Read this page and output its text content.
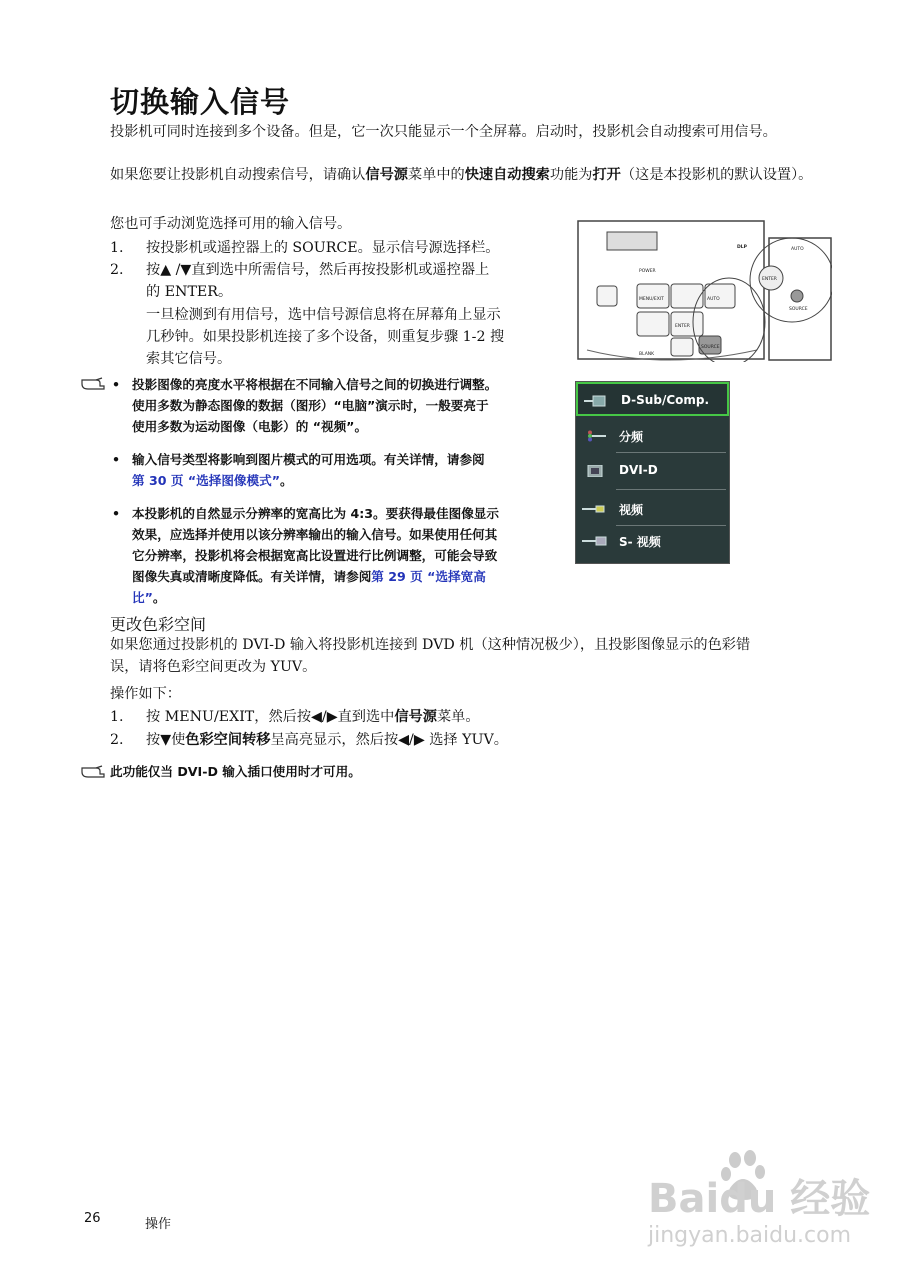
切换输入信号
投影机可同时连接到多个设备。但是，它一次只能显示一个全屏幕。启动时，投影机会自动搜索可用信号。
如果您要让投影机自动搜索信号，请确认信号源菜单中的快速自动搜索功能为打开（这是本投影机的默认设置）。
您也可手动浏览选择可用的输入信号。
1.	按投影机或遥控器上的 SOURCE。显示信号源选择栏。
2.	按▲ /▼直到选中所需信号，然后再按投影机或遥控器上
的 ENTER。
一旦检测到有用信号，选中信号源信息将在屏幕角上显示
几秒钟。如果投影机连接了多个设备，则重复步骤 1-2 搜
索其它信号。
POWER
MENU/EXIT	AUTO
ENTER
BLANK
SOURCE
ENTER
SOURCE
AUTO
DLP
• 投影图像的亮度水平将根据在不同输入信号之间的切换进行调整。
使用多数为静态图像的数据（图形）“电脑”演示时，一般要亮于
使用多数为运动图像（电影）的 “视频”。
• 输入信号类型将影响到图片模式的可用选项。有关详情，请参阅
第 30 页 “选择图像模式”。
• 本投影机的自然显示分辨率的宽高比为 4:3。要获得最佳图像显示
效果，应选择并使用以该分辨率输出的输入信号。如果使用任何其
它分辨率，投影机将会根据宽高比设置进行比例调整，可能会导致
图像失真或清晰度降低。有关详情，请参阅第 29 页 “选择宽高
比”。
D-Sub/Comp.
分频
DVI-D
视频
S- 视频
更改色彩空间
如果您通过投影机的 DVI-D 输入将投影机连接到 DVD 机（这种情况极少），且投影图像显示的色彩错
误，请将色彩空间更改为 YUV。
操作如下：
1.	按 MENU/EXIT，然后按◀/▶直到选中信号源菜单。
2.	按▼使色彩空间转移呈高亮显示，然后按◀/▶ 选择 YUV。
此功能仅当 DVI-D 输入插口使用时才可用。
26	操作
Baidu 经验
jingyan.baidu.com
